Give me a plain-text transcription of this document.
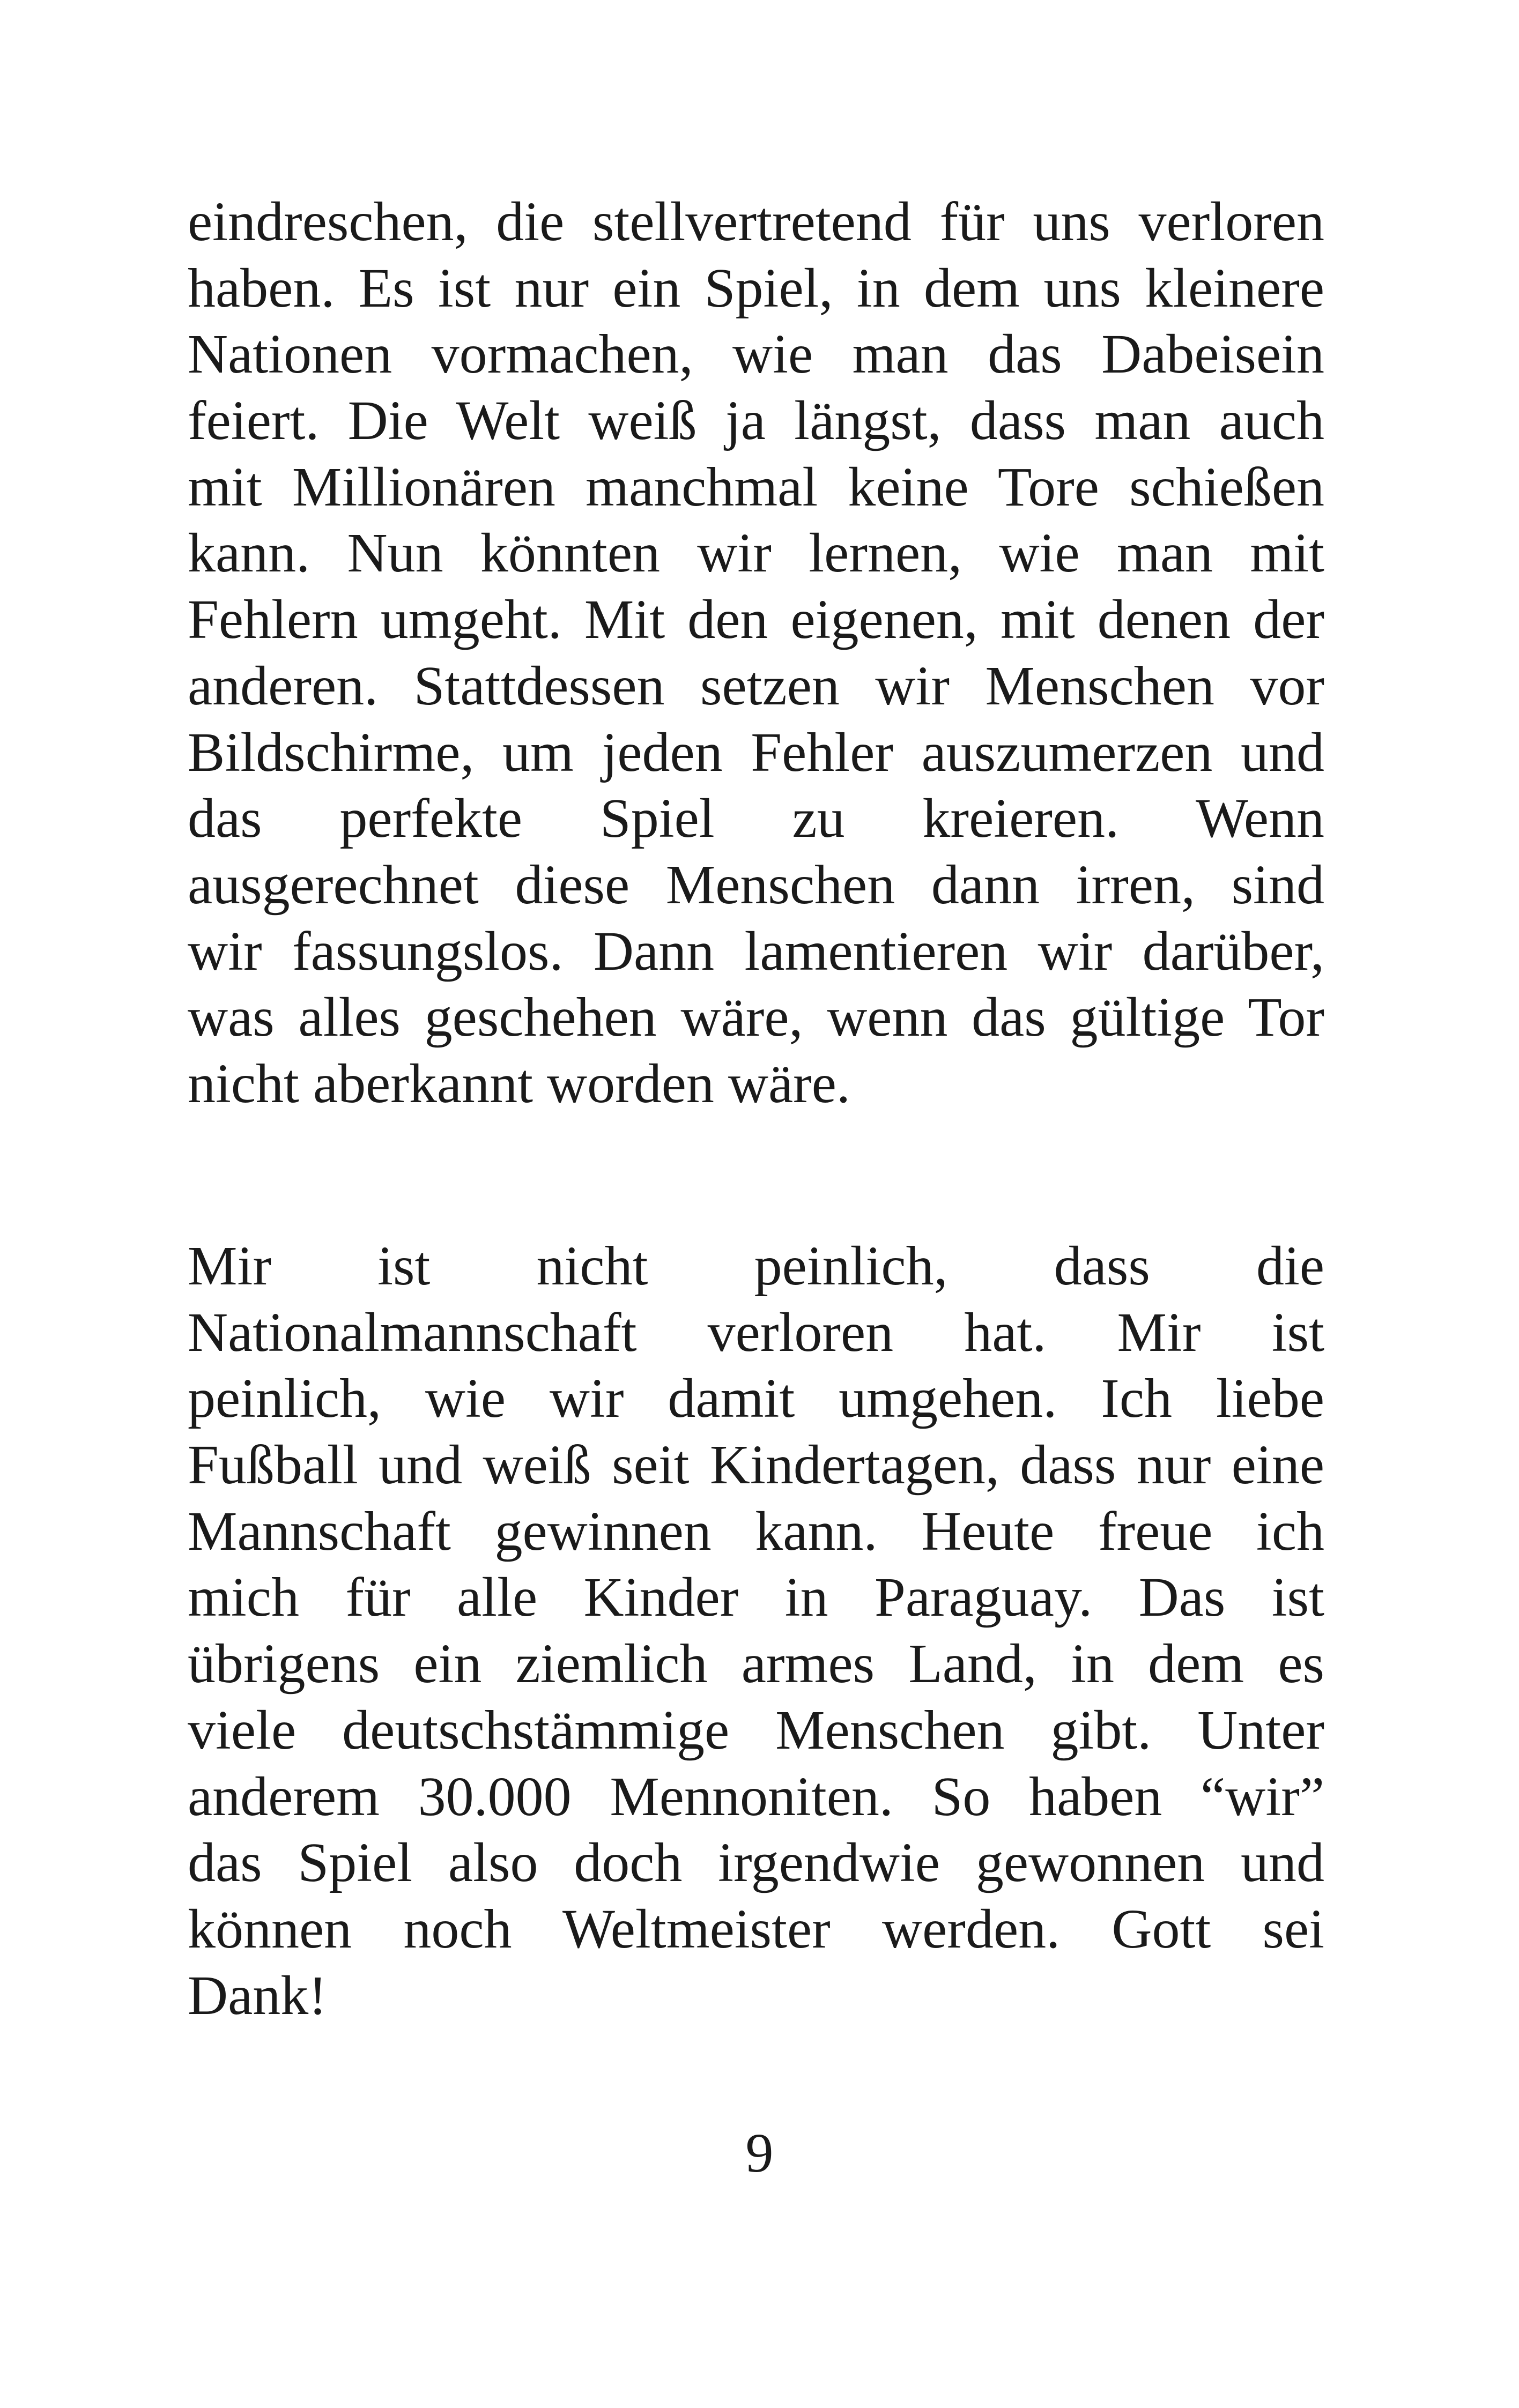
eindreschen, die stellvertretend für uns verloren
haben. Es ist nur ein Spiel, in dem uns kleinere
Nationen vormachen, wie man das Dabeisein
feiert. Die Welt weiß ja längst, dass man auch
mit Millionären manchmal keine Tore schießen
kann. Nun könnten wir lernen, wie man mit
Fehlern umgeht. Mit den eigenen, mit denen der
anderen. Stattdessen setzen wir Menschen vor
Bildschirme, um jeden Fehler auszumerzen und
das perfekte Spiel zu kreieren. Wenn
ausgerechnet diese Menschen dann irren, sind
wir fassungslos. Dann lamentieren wir darüber,
was alles geschehen wäre, wenn das gültige Tor
nicht aberkannt worden wäre.
Mir ist nicht peinlich, dass die
Nationalmannschaft verloren hat. Mir ist
peinlich, wie wir damit umgehen. Ich liebe
Fußball und weiß seit Kindertagen, dass nur eine
Mannschaft gewinnen kann. Heute freue ich
mich für alle Kinder in Paraguay. Das ist
übrigens ein ziemlich armes Land, in dem es
viele deutschstämmige Menschen gibt. Unter
anderem 30.000 Mennoniten. So haben “wir”
das Spiel also doch irgendwie gewonnen und
können noch Weltmeister werden. Gott sei
Dank!
9
